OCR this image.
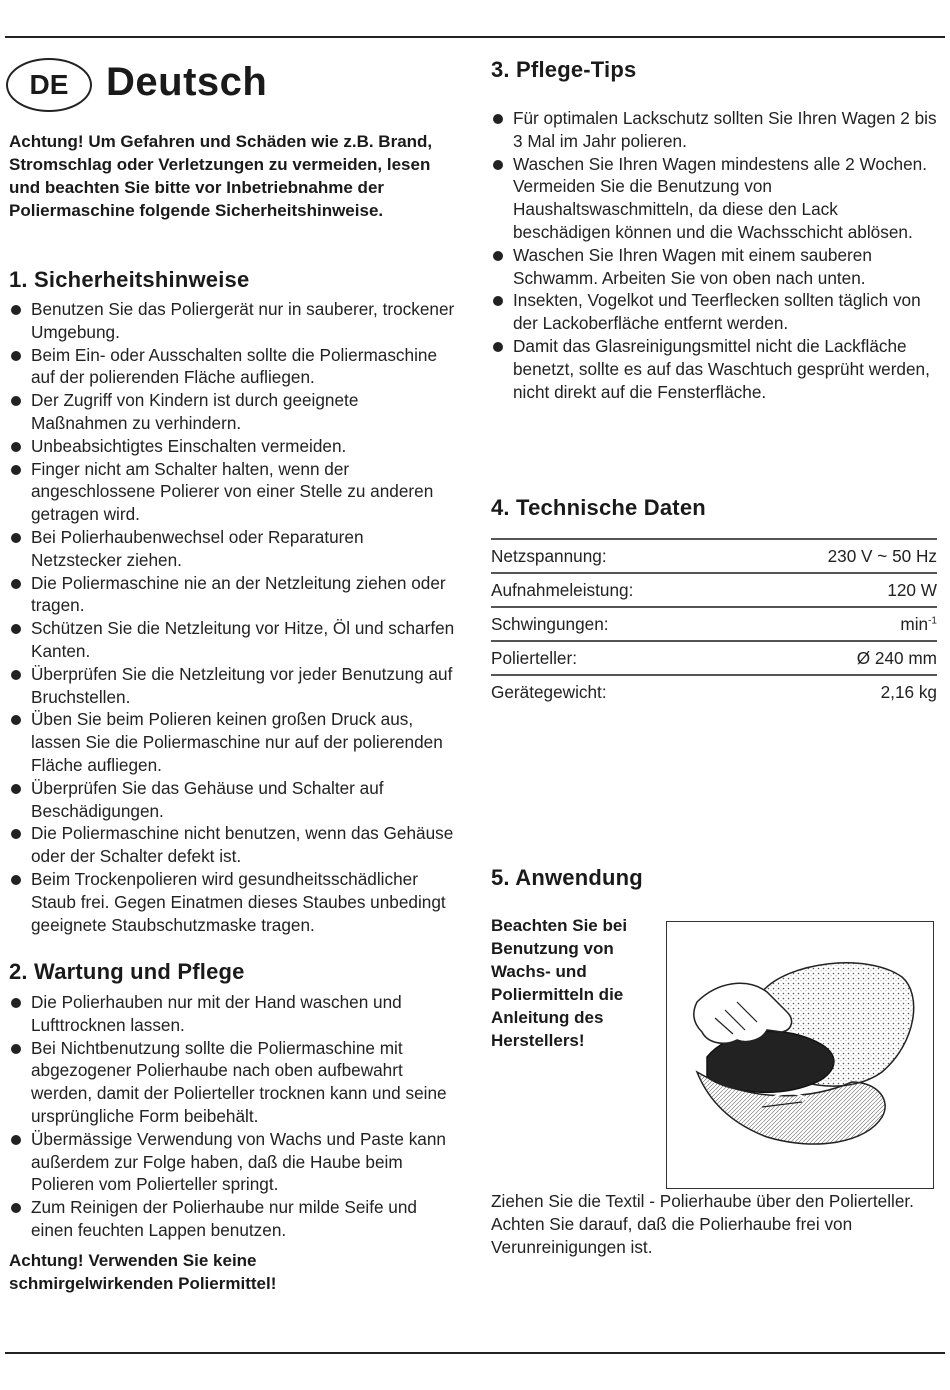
DE Deutsch

Achtung! Um Gefahren und Schäden wie z.B. Brand, Stromschlag oder Verletzungen zu vermeiden, lesen und beachten Sie bitte vor Inbetriebnahme der Poliermaschine folgende Sicherheitshinweise.

1. Sicherheitshinweise
Benutzen Sie das Poliergerät nur in sauberer, trockener Umgebung.
Beim Ein- oder Ausschalten sollte die Poliermaschine auf der polierenden Fläche aufliegen.
Der Zugriff von Kindern ist durch geeignete Maßnahmen zu verhindern.
Unbeabsichtigtes Einschalten vermeiden.
Finger nicht am Schalter halten, wenn der angeschlossene Polierer von einer Stelle zu anderen getragen wird.
Bei Polierhaubenwechsel oder Reparaturen Netzstecker ziehen.
Die Poliermaschine nie an der Netzleitung ziehen oder tragen.
Schützen Sie die Netzleitung vor Hitze, Öl und scharfen Kanten.
Überprüfen Sie die Netzleitung vor jeder Benutzung auf Bruchstellen.
Üben Sie beim Polieren keinen großen Druck aus, lassen Sie die Poliermaschine nur auf der polierenden Fläche aufliegen.
Überprüfen Sie das Gehäuse und Schalter auf Beschädigungen.
Die Poliermaschine nicht benutzen, wenn das Gehäuse oder der Schalter defekt ist.
Beim Trockenpolieren wird gesundheitsschädlicher Staub frei. Gegen Einatmen dieses Staubes unbedingt geeignete Staubschutzmaske tragen.
2. Wartung und Pflege
Die Polierhauben nur mit der Hand waschen und Lufttrocknen lassen.
Bei Nichtbenutzung sollte die Poliermaschine mit abgezogener Polierhaube nach oben aufbewahrt werden, damit der Polierteller trocknen kann und seine ursprüngliche Form beibehält.
Übermässige Verwendung von Wachs und Paste kann außerdem zur Folge haben, daß die Haube beim Polieren vom Polierteller springt.
Zum Reinigen der Polierhaube nur milde Seife und einen feuchten Lappen benutzen.

Achtung! Verwenden Sie keine schmirgelwirkenden Poliermittel!

3. Pflege-Tips
Für optimalen Lackschutz sollten Sie Ihren Wagen 2 bis 3 Mal im Jahr polieren.
Waschen Sie Ihren Wagen mindestens alle 2 Wochen. Vermeiden Sie die Benutzung von Haushaltswaschmitteln, da diese den Lack beschädigen können und die Wachsschicht ablösen.
Waschen Sie Ihren Wagen mit einem sauberen Schwamm. Arbeiten Sie von oben nach unten.
Insekten, Vogelkot und Teerflecken sollten täglich von der Lackoberfläche entfernt werden.
Damit das Glasreinigungsmittel nicht die Lackfläche benetzt, sollte es auf das Waschtuch gesprüht werden, nicht direkt auf die Fensterfläche.
4. Technische Daten
Netzspannung:	230 V ~ 50 Hz
Aufnahmeleistung:	120 W
Schwingungen:	$\min^{-1}$
Polierteller:	Ø 240 mm
Gerätegewicht:	2,16 kg
5. Anwendung

Beachten Sie bei Benutzung von Wachs- und Poliermitteln die Anleitung des Herstellers!

Ziehen Sie die Textil - Polierhaube über den Polierteller. Achten Sie darauf, daß die Polierhaube frei von Verunreinigungen ist.
